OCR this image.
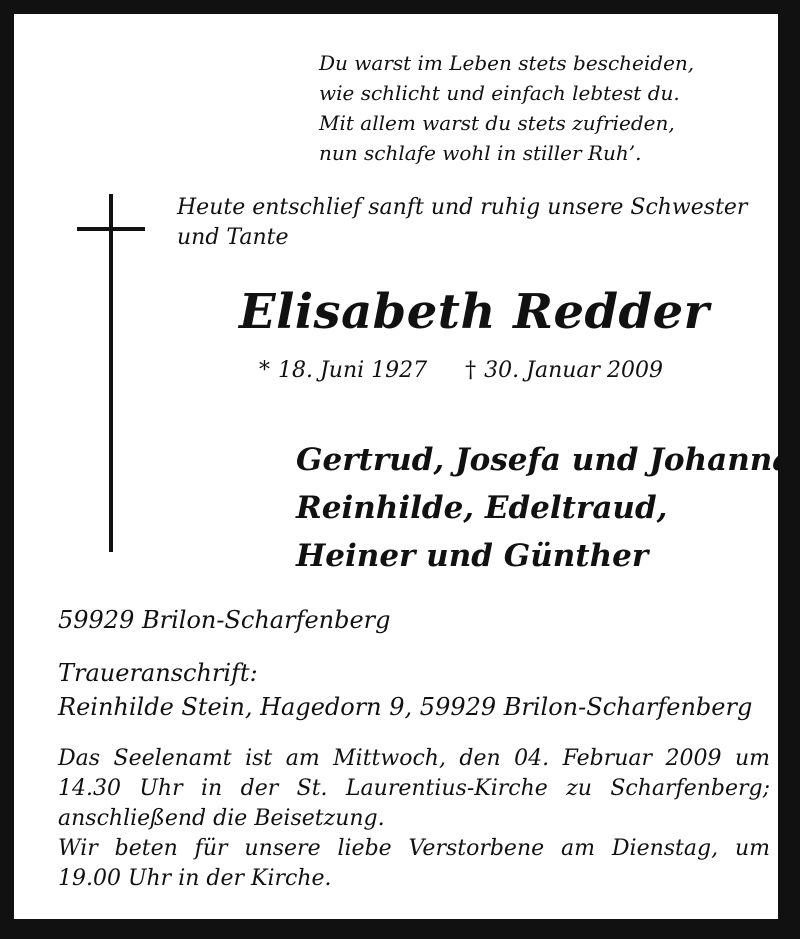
Du warst im Leben stets bescheiden,
wie schlicht und einfach lebtest du.
Mit allem warst du stets zufrieden,
nun schlafe wohl in stiller Ruh’.
Heute entschlief sanft und ruhig unsere Schwester
und Tante
Elisabeth Redder
* 18. Juni 1927 † 30. Januar 2009
Gertrud, Josefa und Johanna
Reinhilde, Edeltraud,
Heiner und Günther
59929 Brilon-Scharfenberg
Traueranschrift:
Reinhilde Stein, Hagedorn 9, 59929 Brilon-Scharfenberg
Das Seelenamt ist am Mittwoch, den 04. Februar 2009 um
14.30 Uhr in der St. Laurentius-Kirche zu Scharfenberg;
anschließend die Beisetzung.
Wir beten für unsere liebe Verstorbene am Dienstag, um
19.00 Uhr in der Kirche.
